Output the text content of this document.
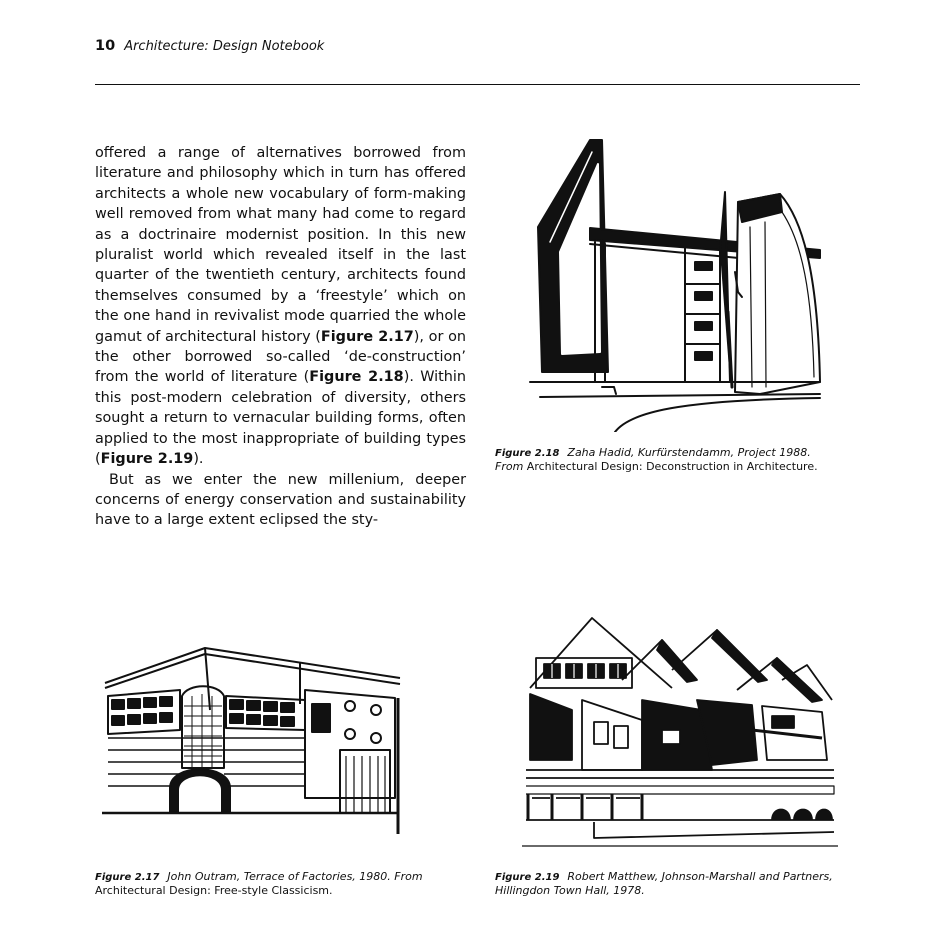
10 Architecture: Design Notebook

offered a range of alternatives borrowed from literature and philosophy which in turn has offered architects a whole new vocabulary of form-making well removed from what many had come to regard as a doctrinaire modernist position. In this new pluralist world which revealed itself in the last quarter of the twentieth century, architects found themselves consumed by a ‘freestyle’ which on the one hand in revivalist mode quarried the whole gamut of architectural history (Figure 2.17), or on the other borrowed so-called ‘de-construction’ from the world of literature (Figure 2.18). Within this post-modern celebration of diversity, others sought a return to vernacular building forms, often applied to the most inappropriate of building types (Figure 2.19).

But as we enter the new millenium, deeper concerns of energy conservation and sustainability have to a large extent eclipsed the sty-

Figure 2.18 Zaha Hadid, Kurfürstendamm, Project 1988. From Architectural Design: Deconstruction in Architecture.
Figure 2.17 John Outram, Terrace of Factories, 1980. From Architectural Design: Free-style Classicism.
Figure 2.19 Robert Matthew, Johnson-Marshall and Partners, Hillingdon Town Hall, 1978.
